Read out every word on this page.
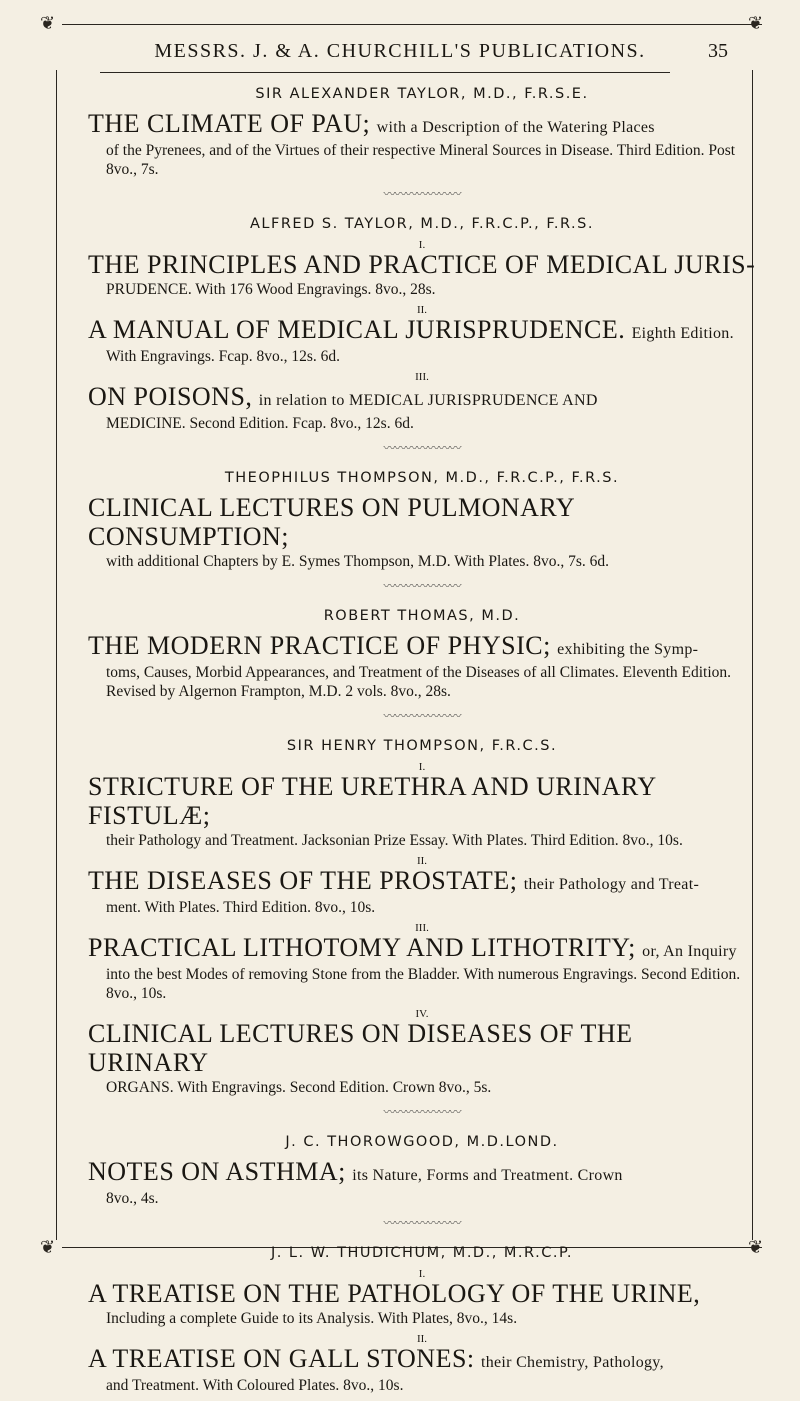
❦	❦
❦	❦
MESSRS. J. & A. CHURCHILL'S PUBLICATIONS.	35
SIR ALEXANDER TAYLOR, M.D., F.R.S.E.
THE CLIMATE OF PAU; with a Description of the Watering Places
of the Pyrenees, and of the Virtues of their respective Mineral Sources in Disease. Third Edition. Post 8vo., 7s.
〰〰〰〰〰〰〰
ALFRED S. TAYLOR, M.D., F.R.C.P., F.R.S.
I.
THE PRINCIPLES AND PRACTICE OF MEDICAL JURIS-
PRUDENCE. With 176 Wood Engravings. 8vo., 28s.
II.
A MANUAL OF MEDICAL JURISPRUDENCE. Eighth Edition.
With Engravings. Fcap. 8vo., 12s. 6d.
III.
ON POISONS, in relation to MEDICAL JURISPRUDENCE AND
MEDICINE. Second Edition. Fcap. 8vo., 12s. 6d.
〰〰〰〰〰〰〰
THEOPHILUS THOMPSON, M.D., F.R.C.P., F.R.S.
CLINICAL LECTURES ON PULMONARY CONSUMPTION;
with additional Chapters by E. Symes Thompson, M.D. With Plates. 8vo., 7s. 6d.
〰〰〰〰〰〰〰
ROBERT THOMAS, M.D.
THE MODERN PRACTICE OF PHYSIC; exhibiting the Symp-
toms, Causes, Morbid Appearances, and Treatment of the Diseases of all Climates. Eleventh Edition. Revised by Algernon Frampton, M.D. 2 vols. 8vo., 28s.
〰〰〰〰〰〰〰
SIR HENRY THOMPSON, F.R.C.S.
I.
STRICTURE OF THE URETHRA AND URINARY FISTULÆ;
their Pathology and Treatment. Jacksonian Prize Essay. With Plates. Third Edition. 8vo., 10s.
II.
THE DISEASES OF THE PROSTATE; their Pathology and Treat-
ment. With Plates. Third Edition. 8vo., 10s.
III.
PRACTICAL LITHOTOMY AND LITHOTRITY; or, An Inquiry
into the best Modes of removing Stone from the Bladder. With numerous Engravings. Second Edition. 8vo., 10s.
IV.
CLINICAL LECTURES ON DISEASES OF THE URINARY
ORGANS. With Engravings. Second Edition. Crown 8vo., 5s.
〰〰〰〰〰〰〰
J. C. THOROWGOOD, M.D.LOND.
NOTES ON ASTHMA; its Nature, Forms and Treatment. Crown
8vo., 4s.
〰〰〰〰〰〰〰
J. L. W. THUDICHUM, M.D., M.R.C.P.
I.
A TREATISE ON THE PATHOLOGY OF THE URINE,
Including a complete Guide to its Analysis. With Plates, 8vo., 14s.
II.
A TREATISE ON GALL STONES: their Chemistry, Pathology,
and Treatment. With Coloured Plates. 8vo., 10s.
